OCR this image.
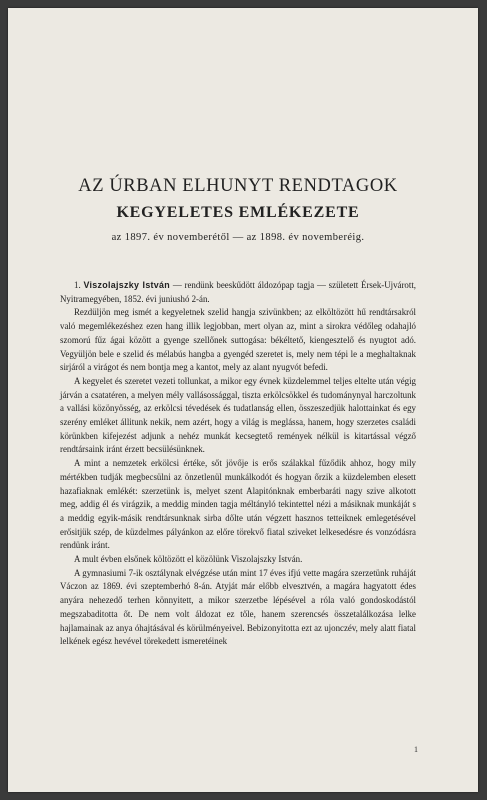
AZ ÚRBAN ELHUNYT RENDTAGOK
KEGYELETES EMLÉKEZETE
az 1897. év novemberétől — az 1898. év novemberéig.

1. Viszolajszky István — rendünk beeskűdött áldozópap tagja — született Érsek-Ujvárott, Nyitramegyében, 1852. évi juniushó 2-án.

Rezdüljön meg ismét a kegyeletnek szelid hangja szivünkben; az elköltözött hű rendtársakról való megemlékezéshez ezen hang illik legjobban, mert olyan az, mint a sirokra védőleg odahajló szomorú fűz ágai között a gyenge szellőnek suttogása: békéltető, kiengesztelő és nyugtot adó. Vegyüljön bele e szelid és mélabús hangba a gyengéd szeretet is, mely nem tépi le a meghaltaknak sirjáról a virágot és nem bontja meg a kantot, mely az alant nyugvót befedi.

A kegyelet és szeretet vezeti tollunkat, a mikor egy évnek küzdelemmel teljes eltelte után végig járván a csatatéren, a melyen mély vallásossággal, tiszta erkölcsökkel és tudománynyal harczoltunk a vallási közönyösség, az erkölcsi tévedések és tudatlanság ellen, összeszedjük halottainkat és egy szerény emléket állitunk nekik, nem azért, hogy a világ is meglássa, hanem, hogy szerzetes családi körünkben kifejezést adjunk a nehéz munkát kecsegtető remények nélkül is kitartással végző rendtársaink iránt érzett becsülésünknek.

A mint a nemzetek erkölcsi értéke, sőt jövője is erős szálakkal fűződik ahhoz, hogy mily mértékben tudják megbecsülni az önzetlenül munkálkodót és hogyan őrzik a küzdelemben elesett hazafiaknak emlékét: szerzetünk is, melyet szent Alapitónknak emberbaráti nagy szive alkotott meg, addig él és virágzik, a meddig minden tagja méltányló tekintettel nézi a másiknak munkáját s a meddig egyik-másik rendtársunknak sirba dőlte után végzett hasznos tetteiknek emlegetésével erősitjük szép, de küzdelmes pályánkon az előre törekvő fiatal sziveket lelkesedésre és vonzódásra rendünk iránt.

A mult évben elsőnek költözött el közölünk Viszolajszky István.

A gymnasiumi 7-ik osztálynak elvégzése után mint 17 éves ifjú vette magára szerzetünk ruháját Váczon az 1869. évi szeptemberhó 8-án. Atyját már előbb elvesztvén, a magára hagyatott édes anyára nehezedő terhen könnyitett, a mikor szerzetbe lépésével a róla való gondoskodástól megszabaditotta őt. De nem volt áldozat ez tőle, hanem szerencsés összetalálkozása lelke hajlamainak az anya óhajtásával és körülményeivel. Bebizonyitotta ezt az ujonczév, mely alatt fiatal lelkének egész hevével törekedett ismeretéinek

1
